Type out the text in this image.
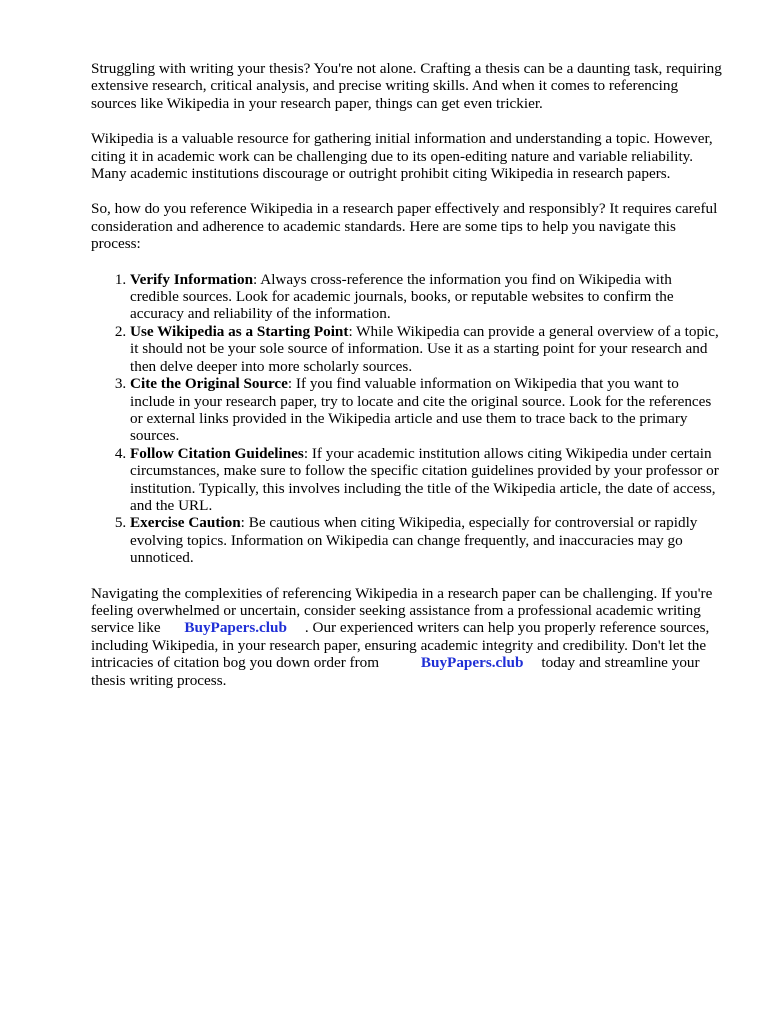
Struggling with writing your thesis? You're not alone. Crafting a thesis can be a daunting task, requiring extensive research, critical analysis, and precise writing skills. And when it comes to referencing sources like Wikipedia in your research paper, things can get even trickier.

Wikipedia is a valuable resource for gathering initial information and understanding a topic. However, citing it in academic work can be challenging due to its open-editing nature and variable reliability. Many academic institutions discourage or outright prohibit citing Wikipedia in research papers.

So, how do you reference Wikipedia in a research paper effectively and responsibly? It requires careful consideration and adherence to academic standards. Here are some tips to help you navigate this process:

1. Verify Information: Always cross-reference the information you find on Wikipedia with credible sources. Look for academic journals, books, or reputable websites to confirm the accuracy and reliability of the information.
2. Use Wikipedia as a Starting Point: While Wikipedia can provide a general overview of a topic, it should not be your sole source of information. Use it as a starting point for your research and then delve deeper into more scholarly sources.
3. Cite the Original Source: If you find valuable information on Wikipedia that you want to include in your research paper, try to locate and cite the original source. Look for the references or external links provided in the Wikipedia article and use them to trace back to the primary sources.
4. Follow Citation Guidelines: If your academic institution allows citing Wikipedia under certain circumstances, make sure to follow the specific citation guidelines provided by your professor or institution. Typically, this involves including the title of the Wikipedia article, the date of access, and the URL.
5. Exercise Caution: Be cautious when citing Wikipedia, especially for controversial or rapidly evolving topics. Information on Wikipedia can change frequently, and inaccuracies may go unnoticed.

Navigating the complexities of referencing Wikipedia in a research paper can be challenging. If you're feeling overwhelmed or uncertain, consider seeking assistance from a professional academic writing service like BuyPapers.club . Our experienced writers can help you properly reference sources, including Wikipedia, in your research paper, ensuring academic integrity and credibility. Don't let the intricacies of citation bog you down order from	BuyPapers.club today and streamline your thesis writing process.
